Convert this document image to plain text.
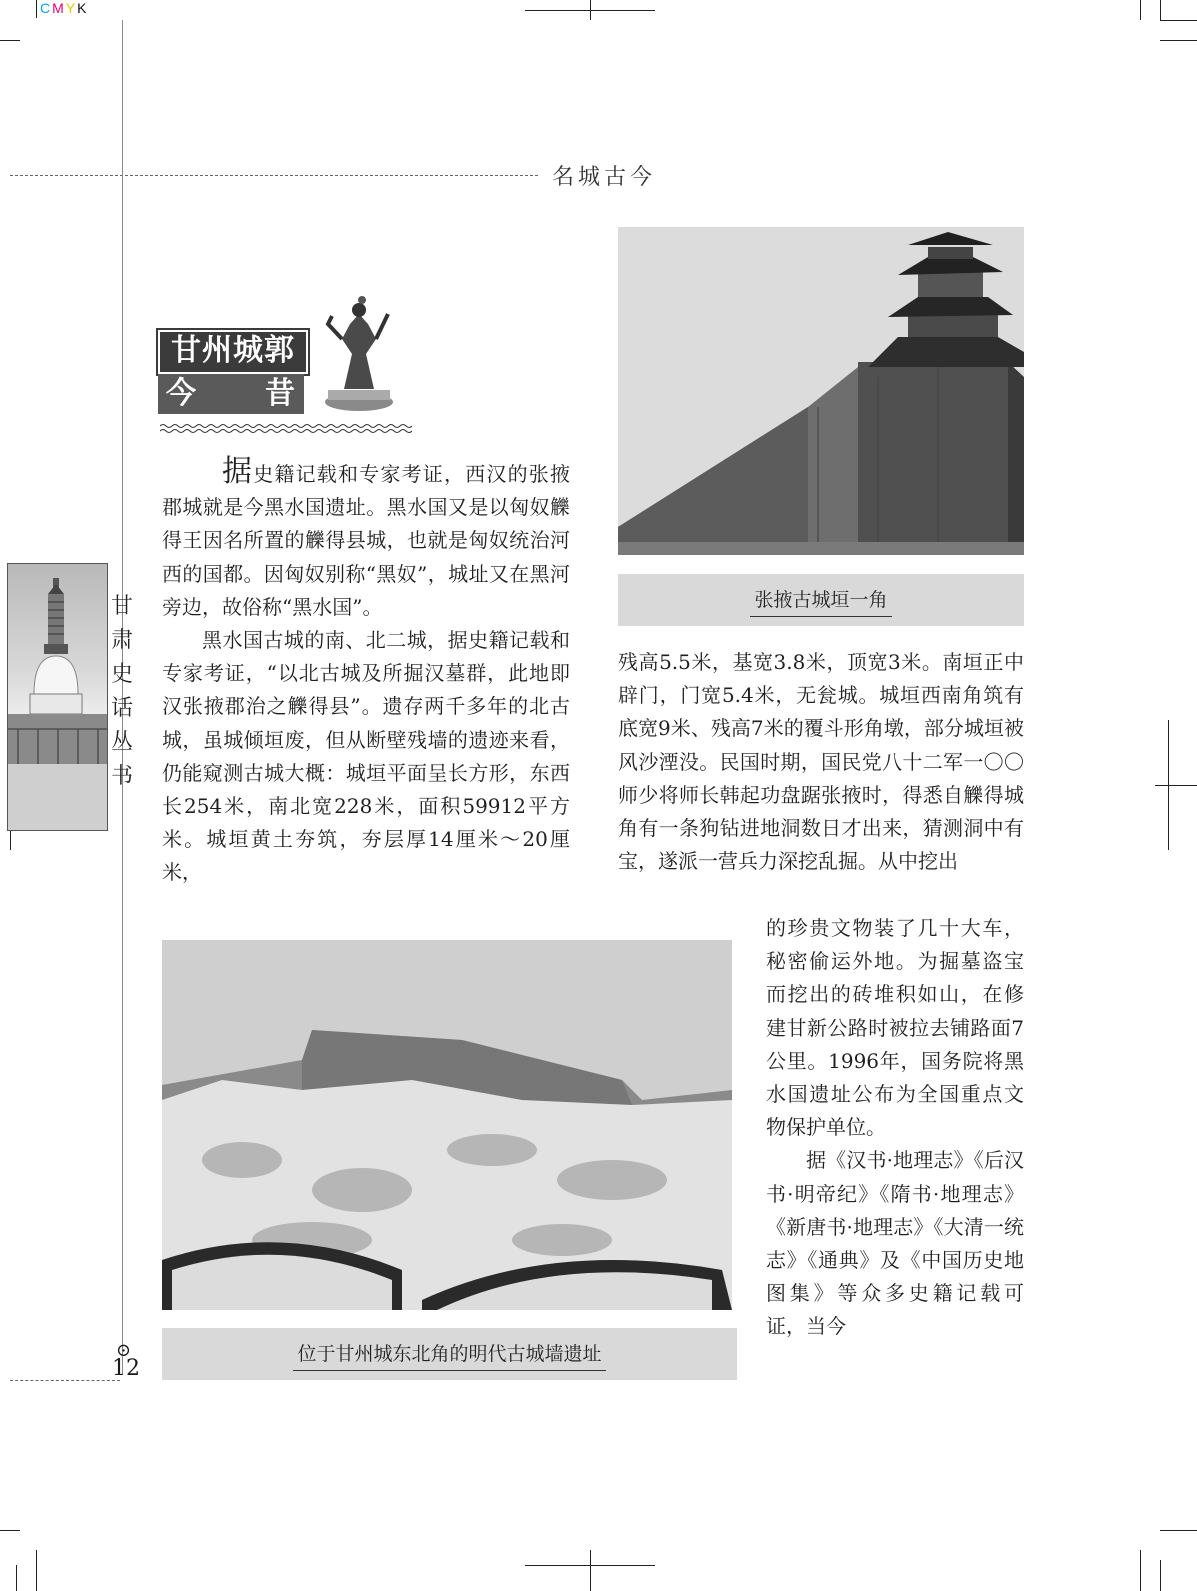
CMYK
名城古今
甘肃史话丛书
⊙
12
甘州城郭
今 昔

据史籍记载和专家考证，西汉的张掖郡城就是今黑水国遗址。黑水国又是以匈奴觻得王因名所置的觻得县城，也就是匈奴统治河西的国都。因匈奴别称“黑奴”，城址又在黑河旁边，故俗称“黑水国”。

黑水国古城的南、北二城，据史籍记载和专家考证，“以北古城及所掘汉墓群，此地即汉张掖郡治之觻得县”。遗存两千多年的北古城，虽城倾垣废，但从断壁残墙的遗迹来看，仍能窥测古城大概：城垣平面呈长方形，东西长254米，南北宽228米，面积59912平方米。城垣黄土夯筑，夯层厚14厘米～20厘米，

张掖古城垣一角

残高5.5米，基宽3.8米，顶宽3米。南垣正中辟门，门宽5.4米，无瓮城。城垣西南角筑有底宽9米、残高7米的覆斗形角墩，部分城垣被风沙湮没。民国时期，国民党八十二军一〇〇师少将师长韩起功盘踞张掖时，得悉自觻得城角有一条狗钻进地洞数日才出来，猜测洞中有宝，遂派一营兵力深挖乱掘。从中挖出

位于甘州城东北角的明代古城墙遗址

的珍贵文物装了几十大车，秘密偷运外地。为掘墓盗宝而挖出的砖堆积如山，在修建甘新公路时被拉去铺路面7公里。1996年，国务院将黑水国遗址公布为全国重点文物保护单位。

据《汉书·地理志》《后汉书·明帝纪》《隋书·地理志》《新唐书·地理志》《大清一统志》《通典》及《中国历史地图集》等众多史籍记载可证，当今
